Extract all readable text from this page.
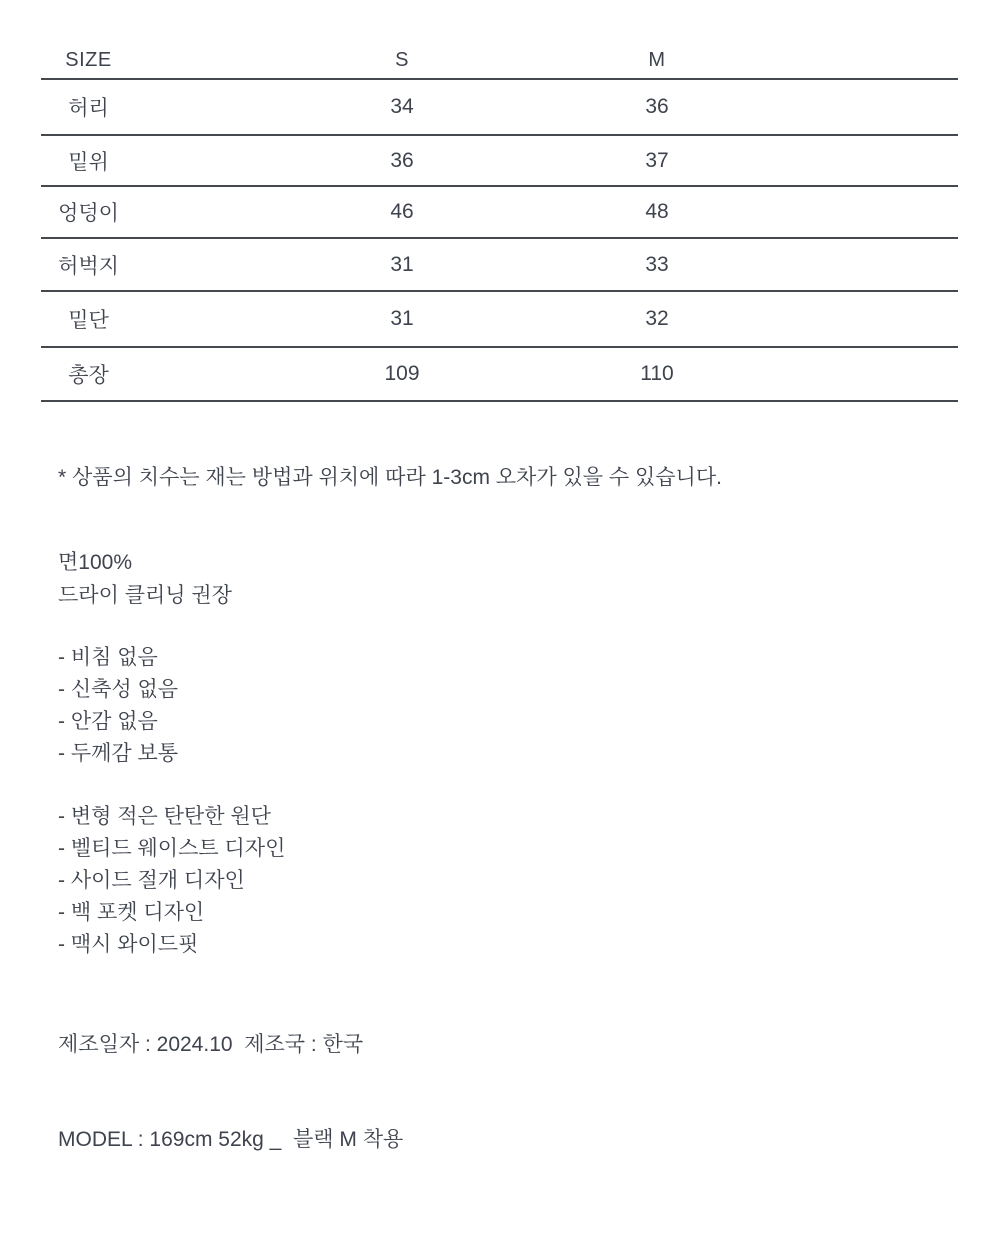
SIZE	S	M
허리	34	36
밑위	36	37
엉덩이	46	48
허벅지	31	33
밑단	31	32
총장	109	110
* 상품의 치수는 재는 방법과 위치에 따라 1-3cm 오차가 있을 수 있습니다.
면100%
드라이 클리닝 권장
- 비침 없음
- 신축성 없음
- 안감 없음
- 두께감 보통
- 변형 적은 탄탄한 원단
- 벨티드 웨이스트 디자인
- 사이드 절개 디자인
- 백 포켓 디자인
- 맥시 와이드핏
제조일자 : 2024.10  제조국 : 한국
MODEL : 169cm 52kg _  블랙 M 착용
